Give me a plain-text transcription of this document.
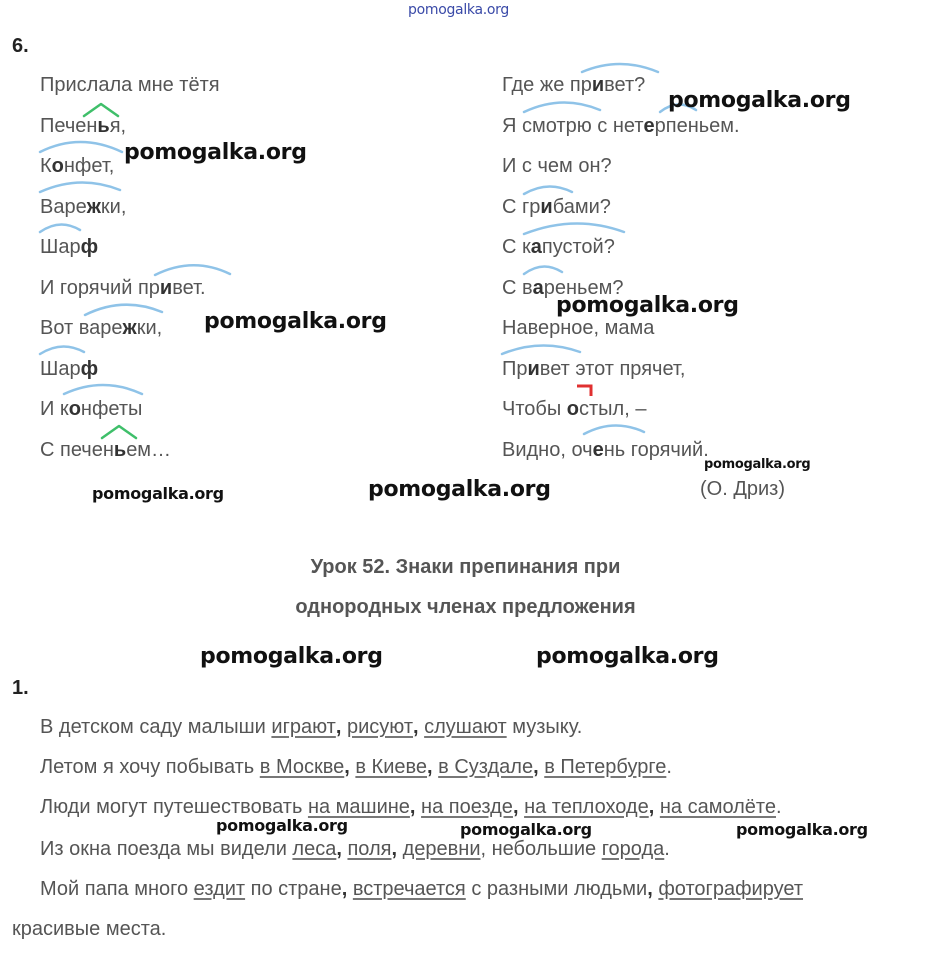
pomogalka.org
6.
Прислала мне тётя
Печенья,
Конфет,
Варежки,
Шарф
И горячий привет.
Вот варежки,
Шарф
И конфеты
С печеньем…
Где же привет?
Я смотрю с нетерпеньем.
И с чем он?
С грибами?
С капустой?
С вареньем?
Наверное, мама
Привет этот прячет,
Чтобы остыл, –
Видно, очень горячий.
(О. Дриз)
pomogalka.org
pomogalka.org
pomogalka.org
pomogalka.org
pomogalka.org	pomogalka.org
pomogalka.org
Урок 52. Знаки препинания при
однородных членах предложения
pomogalka.org	pomogalka.org
1.
В детском саду малыши играют, рисуют, слушают музыку.
Летом я хочу побывать в Москве, в Киеве, в Суздале, в Петербурге.
Люди могут путешествовать на машине, на поезде, на теплоходе, на самолёте.
pomogalka.org	pomogalka.org	pomogalka.org
Из окна поезда мы видели леса, поля, деревни, небольшие города.
Мой папа много ездит по стране, встречается с разными людьми, фотографирует
красивые места.
